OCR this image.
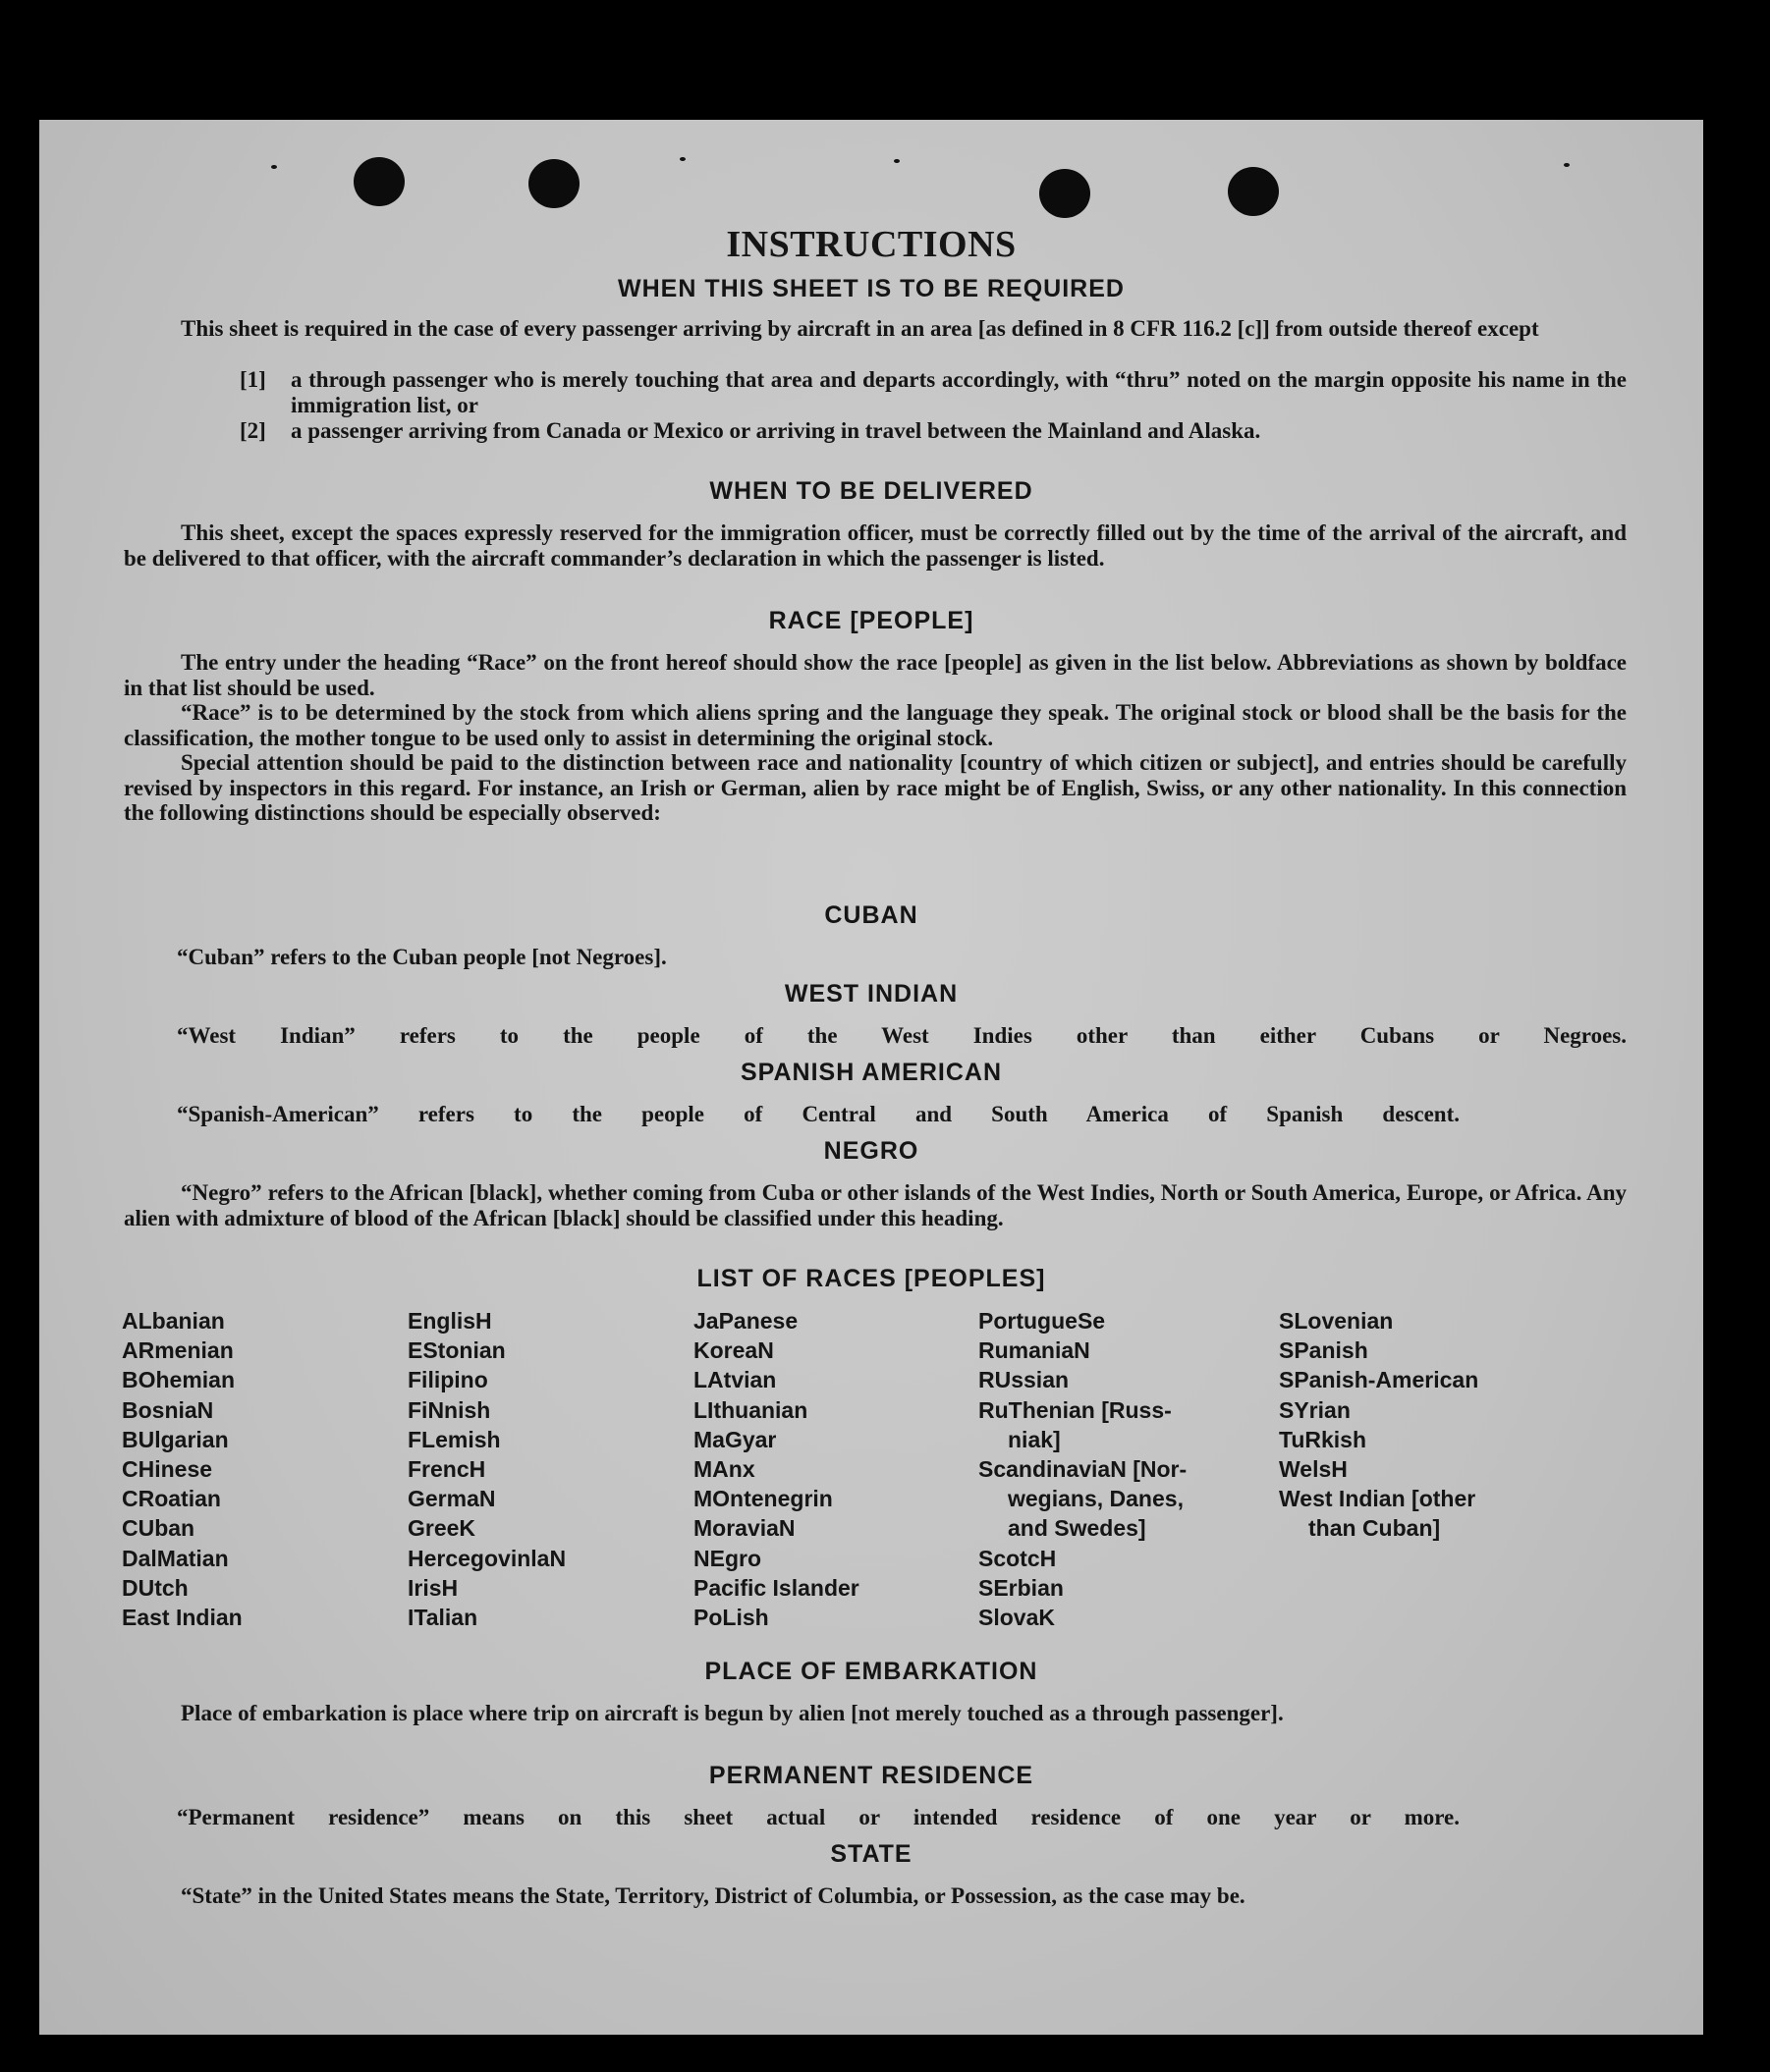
INSTRUCTIONS
WHEN THIS SHEET IS TO BE REQUIRED

This sheet is required in the case of every passenger arriving by aircraft in an area [as defined in 8 CFR 116.2 [c]] from outside thereof except

[1] a through passenger who is merely touching that area and departs accordingly, with “thru” noted on the margin opposite his name in the immigration list, or
[2] a passenger arriving from Canada or Mexico or arriving in travel between the Mainland and Alaska.
WHEN TO BE DELIVERED

This sheet, except the spaces expressly reserved for the immigration officer, must be correctly filled out by the time of the arrival of the aircraft, and be delivered to that officer, with the aircraft commander’s declaration in which the passenger is listed.

RACE [PEOPLE]

The entry under the heading “Race” on the front hereof should show the race [people] as given in the list below. Abbreviations as shown by boldface in that list should be used.

“Race” is to be determined by the stock from which aliens spring and the language they speak. The original stock or blood shall be the basis for the classification, the mother tongue to be used only to assist in determining the original stock.

Special attention should be paid to the distinction between race and nationality [country of which citizen or subject], and entries should be carefully revised by inspectors in this regard. For instance, an Irish or German, alien by race might be of English, Swiss, or any other nationality. In this connection the following distinctions should be especially observed:

CUBAN
“Cuban” refers to the Cuban people [not Negroes].
WEST INDIAN
“West Indian” refers to the people of the West Indies other than either Cubans or Negroes.
SPANISH AMERICAN
“Spanish-American” refers to the people of Central and South America of Spanish descent.
NEGRO

“Negro” refers to the African [black], whether coming from Cuba or other islands of the West Indies, North or South America, Europe, or Africa. Any alien with admixture of blood of the African [black] should be classified under this heading.

LIST OF RACES [PEOPLES]
ALbanian
ARmenian
BOhemian
BosniaN
BUlgarian
CHinese
CRoatian
CUban
DalMatian
DUtch
East Indian
EnglisH
EStonian
Filipino
FiNnish
FLemish
FrencH
GermaN
GreeK
HercegovinlaN
IrisH
ITalian
JaPanese
KoreaN
LAtvian
LIthuanian
MaGyar
MAnx
MOntenegrin
MoraviaN
NEgro
Pacific Islander
PoLish
PortugueSe
RumaniaN
RUssian
RuThenian [Russ-
niak]
ScandinaviaN [Nor-
wegians, Danes,
and Swedes]
ScotcH
SErbian
SlovaK
SLovenian
SPanish
SPanish-American
SYrian
TuRkish
WelsH
West Indian [other
than Cuban]
PLACE OF EMBARKATION

Place of embarkation is place where trip on aircraft is begun by alien [not merely touched as a through passenger].

PERMANENT RESIDENCE
“Permanent residence” means on this sheet actual or intended residence of one year or more.
STATE

“State” in the United States means the State, Territory, District of Columbia, or Possession, as the case may be.
